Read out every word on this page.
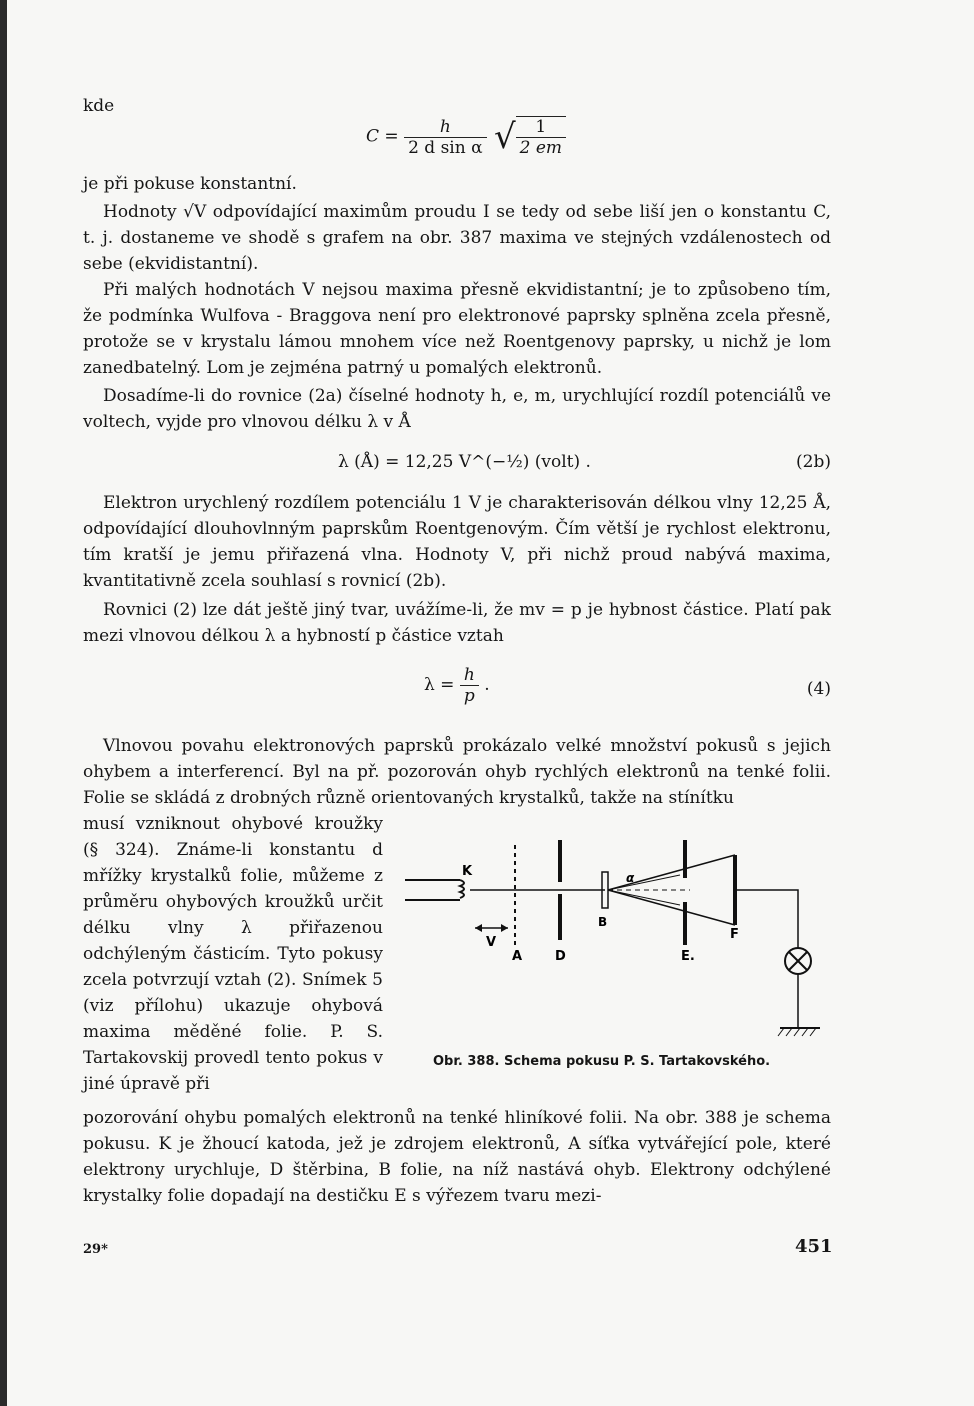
kde
$C = \frac{h}{\text{2 d sin α}}$ √ $\frac{1}{2 em}$

je při pokuse konstantní.

Hodnoty √V odpovídající maximům proudu I se tedy od sebe liší jen o konstantu C, t. j. dostaneme ve shodě s grafem na obr. 387 maxima ve stejných vzdálenostech od sebe (ekvidistantní).

Při malých hodnotách V nejsou maxima přesně ekvidistantní; je to způsobeno tím, že podmínka Wulfova - Braggova není pro elektronové paprsky splněna zcela přesně, protože se v krystalu lámou mnohem více než Roentgenovy paprsky, u nichž je lom zanedbatelný. Lom je zejména patrný u pomalých elektronů.

Dosadíme-li do rovnice (2a) číselné hodnoty h, e, m, urychlující rozdíl potenciálů ve voltech, vyjde pro vlnovou délku λ v Å

λ (Å) = 12,25 V^(−½) (volt) .	(2b)

Elektron urychlený rozdílem potenciálu 1 V je charakterisován délkou vlny 12,25 Å, odpovídající dlouhovlnným paprskům Roentgenovým. Čím větší je rychlost elektronu, tím kratší je jemu přiřazená vlna. Hodnoty V, při nichž proud nabývá maxima, kvantitativně zcela souhlasí s rovnicí (2b).

Rovnici (2) lze dát ještě jiný tvar, uvážíme-li, že mv = p je hybnost částice. Platí pak mezi vlnovou délkou λ a hybností p částice vztah

$\lambda = \frac{h}{p}$ .	(4)

Vlnovou povahu elektronových paprsků prokázalo velké množství pokusů s jejich ohybem a interferencí. Byl na př. pozorován ohyb rychlých elektronů na tenké folii. Folie se skládá z drobných různě orientovaných krystalků, takže na stínítku

musí vzniknout ohybové kroužky (§ 324). Známe-li konstantu d mřížky krystalků folie, můžeme z průměru ohybových kroužků určit délku vlny λ přiřazenou odchýleným částicím. Tyto pokusy zcela potvrzují vztah (2). Snímek 5 (viz přílohu) ukazuje ohybová maxima měděné folie. P. S. Tartakovskij provedl tento pokus v jiné úpravě při

K
A	D
B
E.
F
V
α
Obr. 388. Schema pokusu P. S. Tartakovského.

pozorování ohybu pomalých elektronů na tenké hliníkové folii. Na obr. 388 je schema pokusu. K je žhoucí katoda, jež je zdrojem elektronů, A síťka vytvářející pole, které elektrony urychluje, D štěrbina, B folie, na níž nastává ohyb. Elektrony odchýlené krystalky folie dopadají na destičku E s výřezem tvaru mezi-

29*	451
